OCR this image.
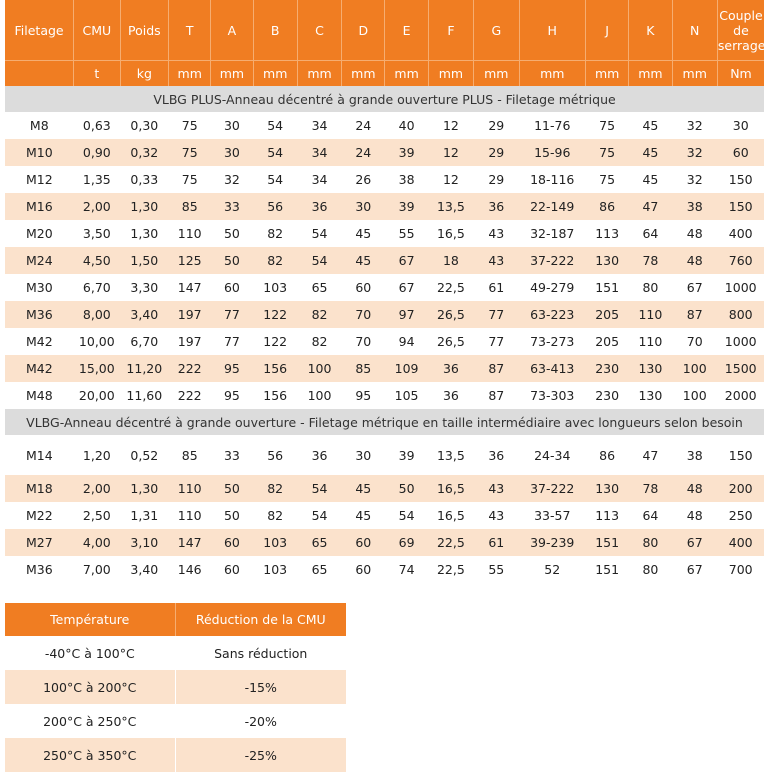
Filetage	CMU	Poids	T	A	B	C	D	E	F	G	H	J	K	N	Couple de serrage
	t	kg	mm	mm	mm	mm	mm	mm	mm	mm	mm	mm	mm	mm	Nm
VLBG PLUS-Anneau décentré à grande ouverture PLUS - Filetage métrique															
M8	0,63	0,30	75	30	54	34	24	40	12	29	11-76	75	45	32	30
M10	0,90	0,32	75	30	54	34	24	39	12	29	15-96	75	45	32	60
M12	1,35	0,33	75	32	54	34	26	38	12	29	18-116	75	45	32	150
M16	2,00	1,30	85	33	56	36	30	39	13,5	36	22-149	86	47	38	150
M20	3,50	1,30	110	50	82	54	45	55	16,5	43	32-187	113	64	48	400
M24	4,50	1,50	125	50	82	54	45	67	18	43	37-222	130	78	48	760
M30	6,70	3,30	147	60	103	65	60	67	22,5	61	49-279	151	80	67	1000
M36	8,00	3,40	197	77	122	82	70	97	26,5	77	63-223	205	110	87	800
M42	10,00	6,70	197	77	122	82	70	94	26,5	77	73-273	205	110	70	1000
M42	15,00	11,20	222	95	156	100	85	109	36	87	63-413	230	130	100	1500
M48	20,00	11,60	222	95	156	100	95	105	36	87	73-303	230	130	100	2000
VLBG-Anneau décentré à grande ouverture - Filetage métrique en taille intermédiaire avec longueurs selon besoin															
M14	1,20	0,52	85	33	56	36	30	39	13,5	36	24-34	86	47	38	150
M18	2,00	1,30	110	50	82	54	45	50	16,5	43	37-222	130	78	48	200
M22	2,50	1,31	110	50	82	54	45	54	16,5	43	33-57	113	64	48	250
M27	4,00	3,10	147	60	103	65	60	69	22,5	61	39-239	151	80	67	400
M36	7,00	3,40	146	60	103	65	60	74	22,5	55	52	151	80	67	700
Température	Réduction de la CMU
-40°C à 100°C	Sans réduction
100°C à 200°C	-15%
200°C à 250°C	-20%
250°C à 350°C	-25%
